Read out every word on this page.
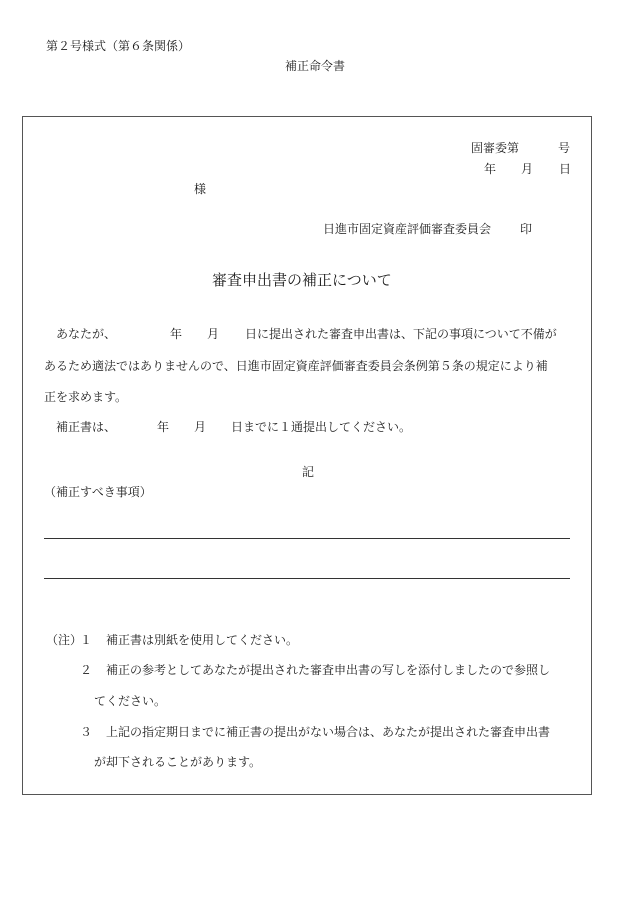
第２号様式（第６条関係）
補正命令書
固審委第	号
年 月 日
様
日進市固定資産評価審査委員会 印
審査申出書の補正について
あなたが、	年 月 日に提出された審査申出書は、下記の事項について不備が
あるため適法ではありませんので、日進市固定資産評価審査委員会条例第５条の規定により補
正を求めます。
補正書は、	年 月 日までに１通提出してください。
記
（補正すべき事項）
（注）
１ 補正書は別紙を使用してください。
２ 補正の参考としてあなたが提出された審査申出書の写しを添付しましたので参照し
てください。
３ 上記の指定期日までに補正書の提出がない場合は、あなたが提出された審査申出書
が却下されることがあります。
